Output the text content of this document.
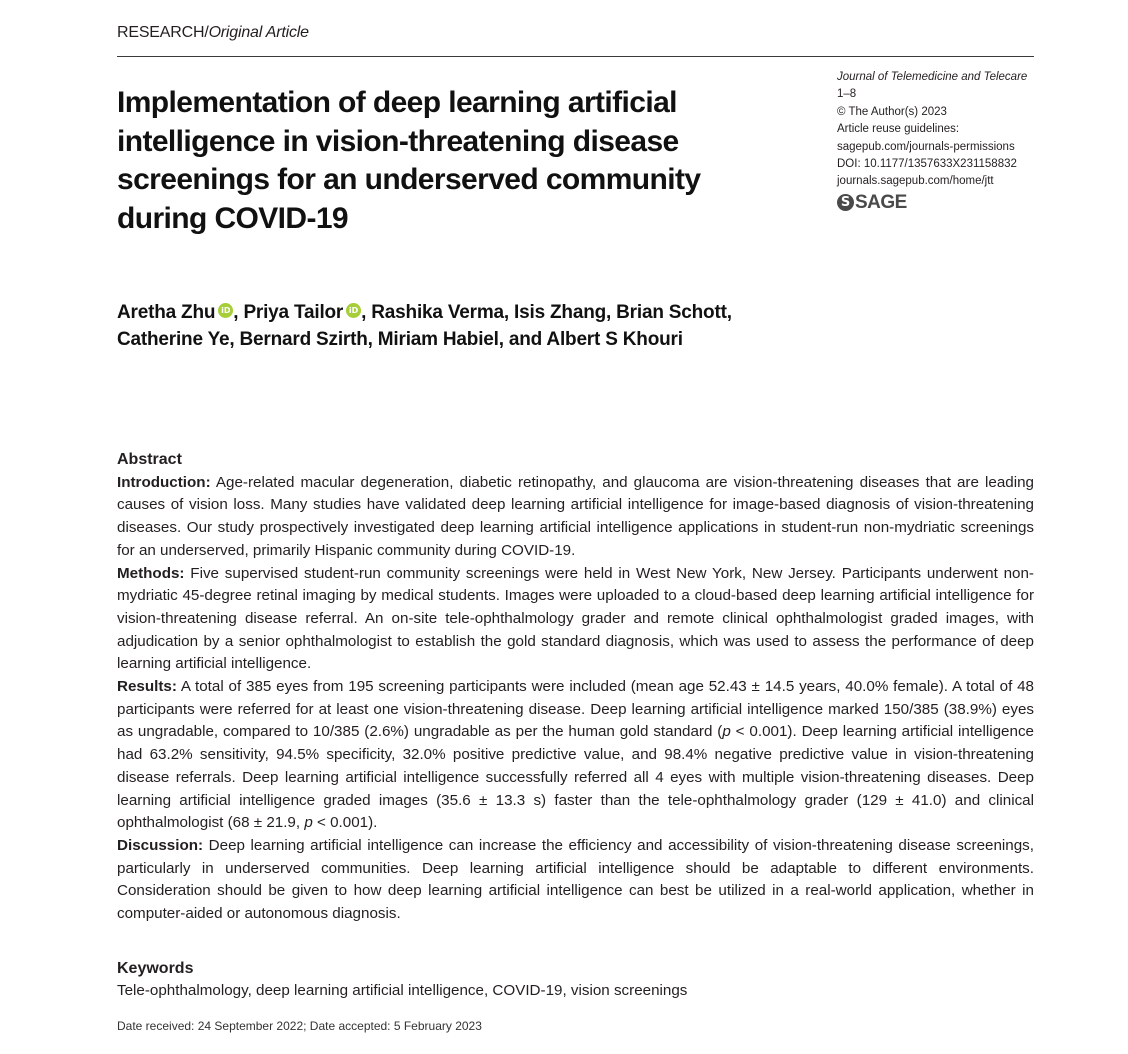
RESEARCH/Original Article
Implementation of deep learning artificial intelligence in vision-threatening disease screenings for an underserved community during COVID-19
Journal of Telemedicine and Telecare
1–8
© The Author(s) 2023
Article reuse guidelines:
sagepub.com/journals-permissions
DOI: 10.1177/1357633X231158832
journals.sagepub.com/home/jtt
S SAGE

Aretha Zhu iD , Priya Tailor iD , Rashika Verma, Isis Zhang, Brian Schott, Catherine Ye, Bernard Szirth, Miriam Habiel, and Albert S Khouri

Abstract

Introduction: Age-related macular degeneration, diabetic retinopathy, and glaucoma are vision-threatening diseases that are leading causes of vision loss. Many studies have validated deep learning artificial intelligence for image-based diagnosis of vision-threatening diseases. Our study prospectively investigated deep learning artificial intelligence applications in student-run non-mydriatic screenings for an underserved, primarily Hispanic community during COVID-19.

Methods: Five supervised student-run community screenings were held in West New York, New Jersey. Participants underwent non-mydriatic 45-degree retinal imaging by medical students. Images were uploaded to a cloud-based deep learning artificial intelligence for vision-threatening disease referral. An on-site tele-ophthalmology grader and remote clinical ophthalmologist graded images, with adjudication by a senior ophthalmologist to establish the gold standard diagnosis, which was used to assess the performance of deep learning artificial intelligence.

Results: A total of 385 eyes from 195 screening participants were included (mean age 52.43 ± 14.5 years, 40.0% female). A total of 48 participants were referred for at least one vision-threatening disease. Deep learning artificial intelligence marked 150/385 (38.9%) eyes as ungradable, compared to 10/385 (2.6%) ungradable as per the human gold standard (p < 0.001). Deep learning artificial intelligence had 63.2% sensitivity, 94.5% specificity, 32.0% positive predictive value, and 98.4% negative predictive value in vision-threatening disease referrals. Deep learning artificial intelligence successfully referred all 4 eyes with multiple vision-threatening diseases. Deep learning artificial intelligence graded images (35.6 ± 13.3 s) faster than the tele-ophthalmology grader (129 ± 41.0) and clinical ophthalmologist (68 ± 21.9, p < 0.001).

Discussion: Deep learning artificial intelligence can increase the efficiency and accessibility of vision-threatening disease screenings, particularly in underserved communities. Deep learning artificial intelligence should be adaptable to different environments. Consideration should be given to how deep learning artificial intelligence can best be utilized in a real-world application, whether in computer-aided or autonomous diagnosis.

Keywords
Tele-ophthalmology, deep learning artificial intelligence, COVID-19, vision screenings
Date received: 24 September 2022; Date accepted: 5 February 2023
